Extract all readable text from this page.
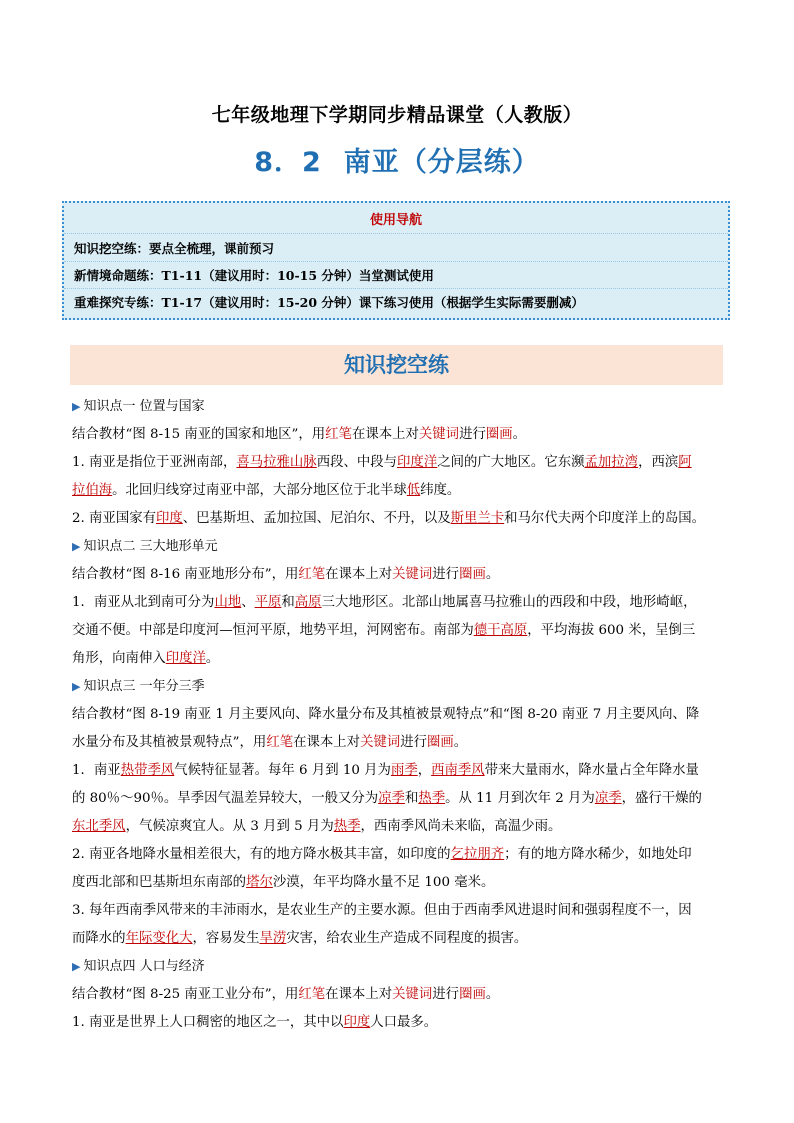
七年级地理下学期同步精品课堂（人教版）
8．2 南亚（分层练）
使用导航
知识挖空练：要点全梳理，课前预习
新情境命题练：T1-11（建议用时：10-15 分钟）当堂测试使用
重难探究专练：T1-17（建议用时：15-20 分钟）课下练习使用（根据学生实际需要删减）
知识挖空练
▶ 知识点一 位置与国家
结合教材“图 8-15 南亚的国家和地区”，用红笔在课本上对关键词进行圈画。
1. 南亚是指位于亚洲南部，喜马拉雅山脉西段、中段与印度洋之间的广大地区。它东濒孟加拉湾，西滨阿
拉伯海。北回归线穿过南亚中部，大部分地区位于北半球低纬度。
2. 南亚国家有印度、巴基斯坦、孟加拉国、尼泊尔、不丹，以及斯里兰卡和马尔代夫两个印度洋上的岛国。
▶ 知识点二 三大地形单元
结合教材“图 8-16 南亚地形分布”，用红笔在课本上对关键词进行圈画。
1．南亚从北到南可分为山地、平原和高原三大地形区。北部山地属喜马拉雅山的西段和中段，地形崎岖，
交通不便。中部是印度河—恒河平原，地势平坦，河网密布。南部为德干高原，平均海拔 600 米，呈倒三
角形，向南伸入印度洋。
▶ 知识点三 一年分三季
结合教材“图 8-19 南亚 1 月主要风向、降水量分布及其植被景观特点”和“图 8-20 南亚 7 月主要风向、降
水量分布及其植被景观特点”，用红笔在课本上对关键词进行圈画。
1．南亚热带季风气候特征显著。每年 6 月到 10 月为雨季，西南季风带来大量雨水，降水量占全年降水量
的 80％～90％。旱季因气温差异较大，一般又分为凉季和热季。从 11 月到次年 2 月为凉季，盛行干燥的
东北季风，气候凉爽宜人。从 3 月到 5 月为热季，西南季风尚未来临，高温少雨。
2. 南亚各地降水量相差很大，有的地方降水极其丰富，如印度的乞拉朋齐；有的地方降水稀少，如地处印
度西北部和巴基斯坦东南部的塔尔沙漠，年平均降水量不足 100 毫米。
3. 每年西南季风带来的丰沛雨水，是农业生产的主要水源。但由于西南季风进退时间和强弱程度不一，因
而降水的年际变化大，容易发生旱涝灾害，给农业生产造成不同程度的损害。
▶ 知识点四 人口与经济
结合教材“图 8-25 南亚工业分布”，用红笔在课本上对关键词进行圈画。
1. 南亚是世界上人口稠密的地区之一，其中以印度人口最多。
